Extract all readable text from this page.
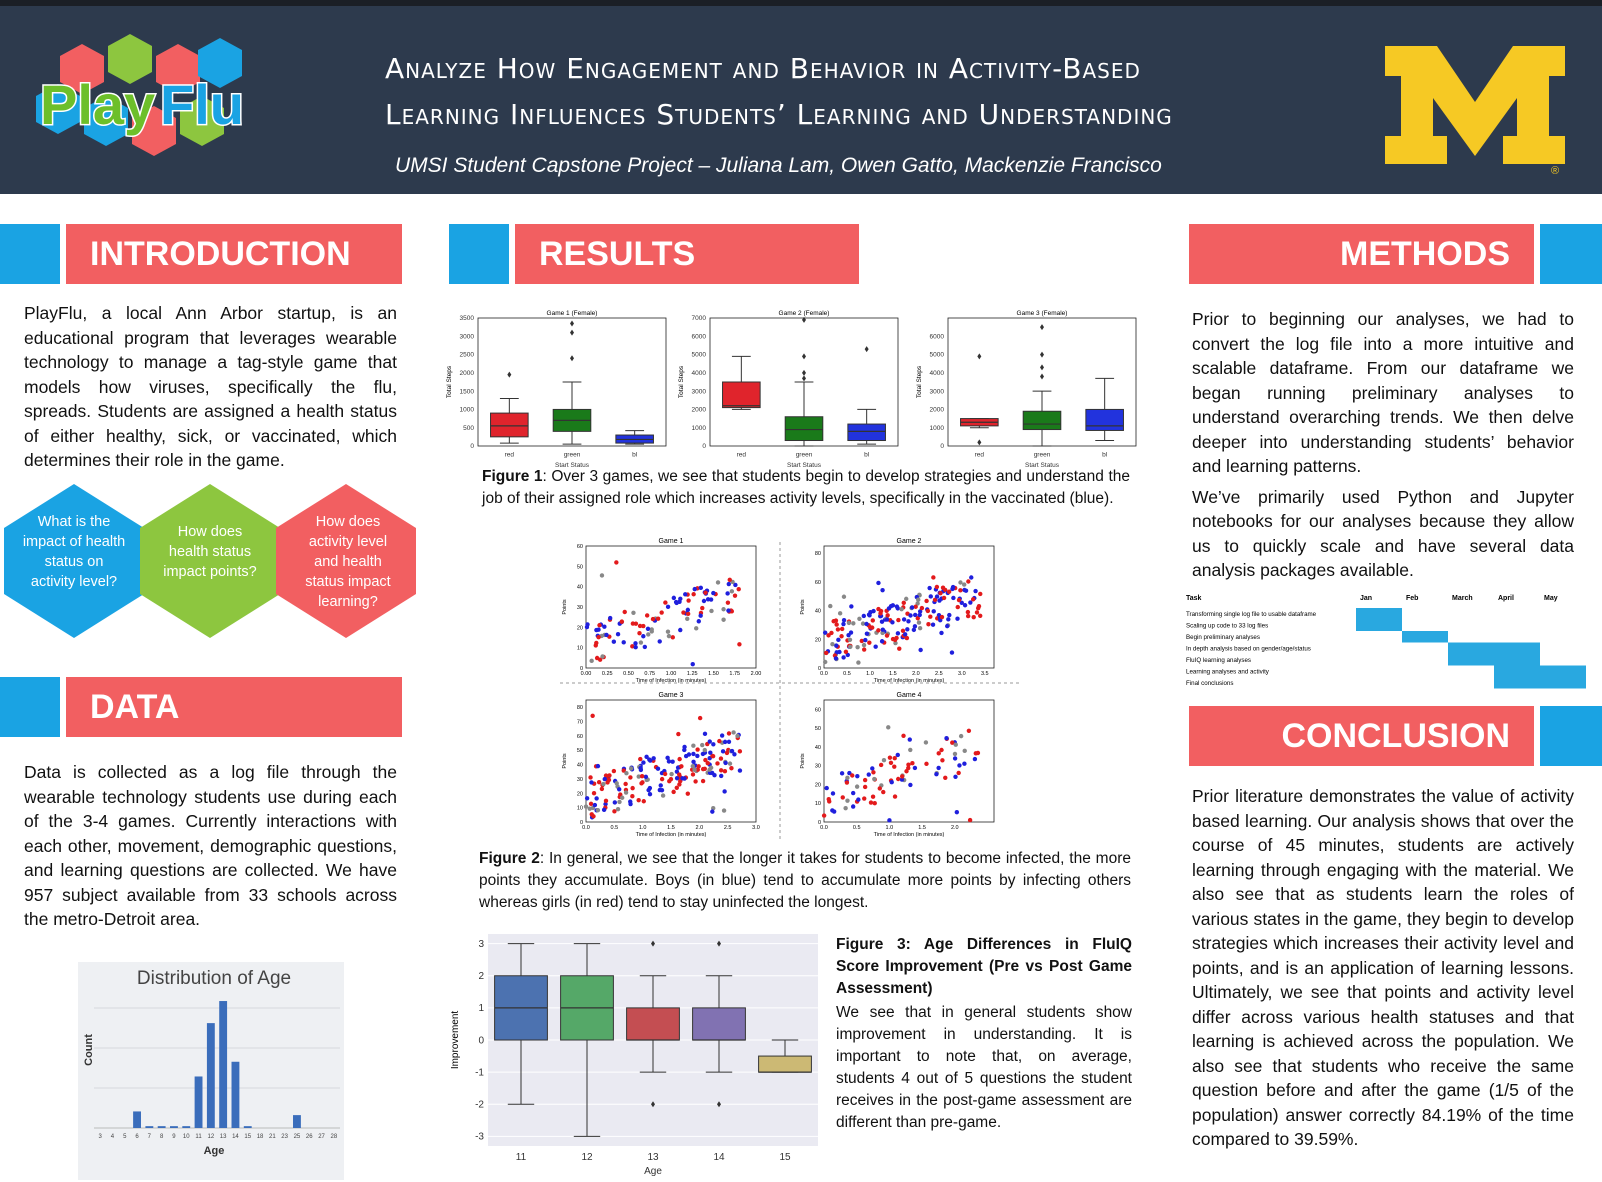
Play Flu
Analyze How Engagement and Behavior in Activity-Based
Learning Influences Students’ Learning and Understanding
UMSI Student Capstone Project – Juliana Lam, Owen Gatto, Mackenzie Francisco	®
INTRODUCTION
PlayFlu, a local Ann Arbor startup, is an educational program that leverages wearable technology to manage a tag-style game that models how viruses, specifically the flu, spreads. Students are assigned a health status of either healthy, sick, or vaccinated, which determines their role in the game.
What is the impact of health status on activity level?
How does health status impact points?
How does activity level and health status impact learning?
DATA
Data is collected as a log file through the wearable technology students use during each of the 3-4 games. Currently interactions with each other, movement, demographic questions, and learning questions are collected. We have 957 subject available from 33 schools across the metro-Detroit area.
Distribution of Age
Count
3 4 5 6 7 8 9 10 11 12 13 14 15 18 21 23 25 26 27 28
Age
RESULTS
Game 1 (Female)
0
500
1000
1500
2000
2500
3000
3500
Total Steps
red	green	bl
Start Status
Game 2 (Female)
0
1000
2000
3000
4000
5000
6000
7000
Total Steps
red	green	bl
Start Status
Game 3 (Female)
0
1000
2000
3000
4000
5000
6000
Total Steps
red	green	bl
Start Status
Figure 1: Over 3 games, we see that students begin to develop strategies and understand the job of their assigned role which increases activity levels, specifically in the vaccinated (blue).
Game 1
0
10
20
30
40
50
60
0.00 0.25 0.50 0.75 1.00 1.25 1.50 1.75 2.00
Time of Infection (in minutes)
Points
Game 2
0
20
40
60
80
0.0	0.5	1.0	1.5	2.0	2.5	3.0	3.5
Time of Infection (in minutes)
Points
Game 3
0
10
20
30
40
50
60
70
80
0.0	0.5	1.0	1.5	2.0	2.5	3.0
Time of Infection (in minutes)
Points
Game 4
0
10
20
30
40
50
60
0.0	0.5	1.0	1.5	2.0
Time of Infection (in minutes)
Points
Figure 2: In general, we see that the longer it takes for students to become infected, the more points they accumulate. Boys (in blue) tend to accumulate more points by infecting others whereas girls (in red) tend to stay uninfected the longest.
-3
-2
-1
0
1
2
3
Improvement
11	12	13	14	15
Age
Figure 3: Age Differences in FluIQ Score Improvement (Pre vs Post Game Assessment)
We see that in general students show improvement in understanding. It is important to note that, on average, students 4 out of 5 questions the student receives in the post-game assessment are different than pre-game.
METHODS

Prior to beginning our analyses, we had to convert the log file into a more intuitive and scalable dataframe. From our dataframe we began running preliminary analyses to understand overarching trends. We then delve deeper into understanding students’ behavior and learning patterns.

We’ve primarily used Python and Jupyter notebooks for our analyses because they allow us to quickly scale and have several data analysis packages available.

Task	Jan	Feb	March	April	May
Transforming single log file to usable dataframe
Scaling up code to 33 log files
Begin preliminary analyses
In depth analysis based on gender/age/status
FluIQ learning analyses
Learning analyses and activity
Final conclusions
CONCLUSION
Prior literature demonstrates the value of activity based learning. Our analysis shows that over the course of 45 minutes, students are actively learning through engaging with the material. We also see that as students learn the roles of various states in the game, they begin to develop strategies which increases their activity level and points, and is an application of learning lessons. Ultimately, we see that points and activity level differ across various health statuses and that learning is achieved across the population. We also see that students who receive the same question before and after the game (1/5 of the population) answer correctly 84.19% of the time compared to 39.59%.
